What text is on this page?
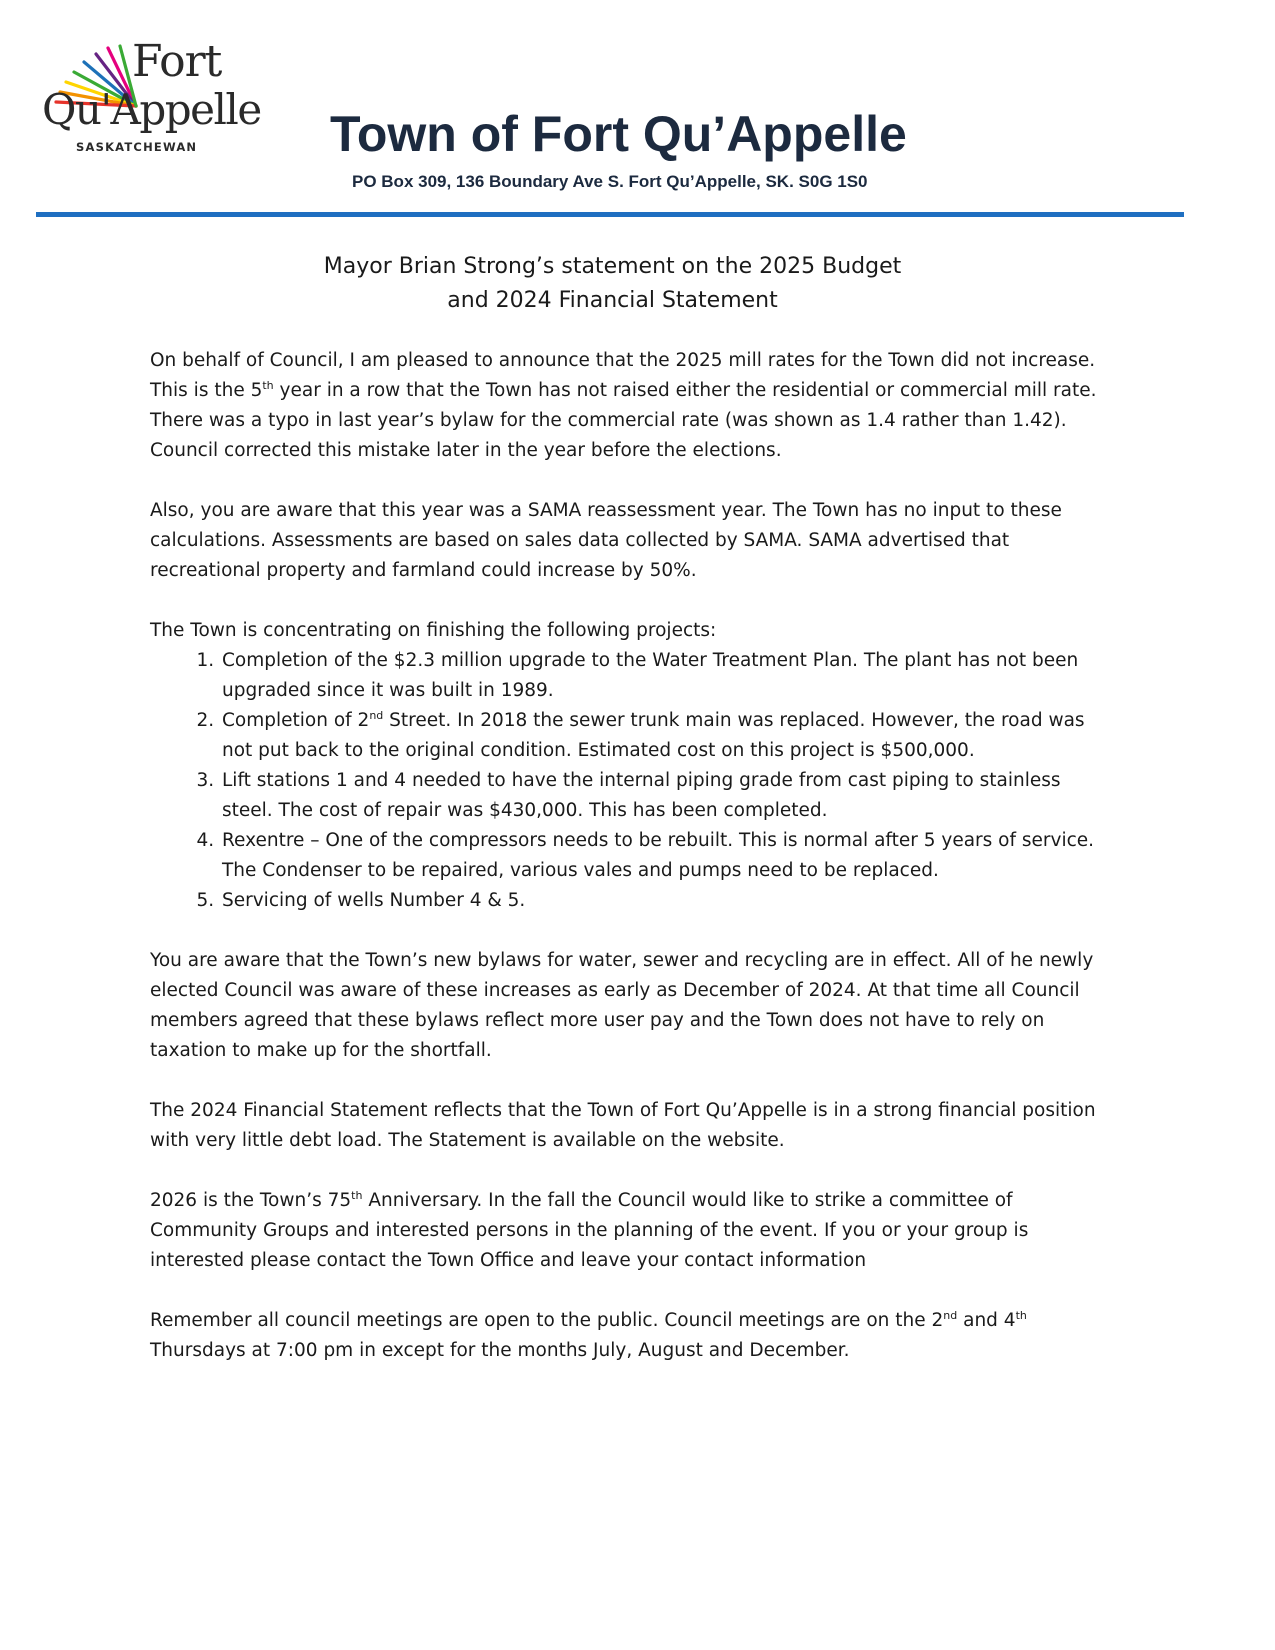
Fort
Qu'Appelle
SASKATCHEWAN	Town of Fort Qu’Appelle
PO Box 309, 136 Boundary Ave S. Fort Qu’Appelle, SK. S0G 1S0
Mayor Brian Strong’s statement on the 2025 Budget
and 2024 Financial Statement

On behalf of Council, I am pleased to announce that the 2025 mill rates for the Town did not increase. This is the 5th year in a row that the Town has not raised either the residential or commercial mill rate. There was a typo in last year’s bylaw for the commercial rate (was shown as 1.4 rather than 1.42). Council corrected this mistake later in the year before the elections.

Also, you are aware that this year was a SAMA reassessment year. The Town has no input to these calculations. Assessments are based on sales data collected by SAMA. SAMA advertised that recreational property and farmland could increase by 50%.

The Town is concentrating on finishing the following projects:

1. Completion of the $2.3 million upgrade to the Water Treatment Plan. The plant has not been upgraded since it was built in 1989.
2. Completion of 2nd Street. In 2018 the sewer trunk main was replaced. However, the road was not put back to the original condition. Estimated cost on this project is $500,000.
3. Lift stations 1 and 4 needed to have the internal piping grade from cast piping to stainless steel. The cost of repair was $430,000. This has been completed.
4. Rexentre – One of the compressors needs to be rebuilt. This is normal after 5 years of service. The Condenser to be repaired, various vales and pumps need to be replaced.
5. Servicing of wells Number 4 & 5.

You are aware that the Town’s new bylaws for water, sewer and recycling are in effect. All of he newly elected Council was aware of these increases as early as December of 2024. At that time all Council members agreed that these bylaws reflect more user pay and the Town does not have to rely on taxation to make up for the shortfall.

The 2024 Financial Statement reflects that the Town of Fort Qu’Appelle is in a strong financial position with very little debt load. The Statement is available on the website.

2026 is the Town’s 75th Anniversary. In the fall the Council would like to strike a committee of Community Groups and interested persons in the planning of the event. If you or your group is interested please contact the Town Office and leave your contact information

Remember all council meetings are open to the public. Council meetings are on the 2nd and 4th Thursdays at 7:00 pm in except for the months July, August and December.
